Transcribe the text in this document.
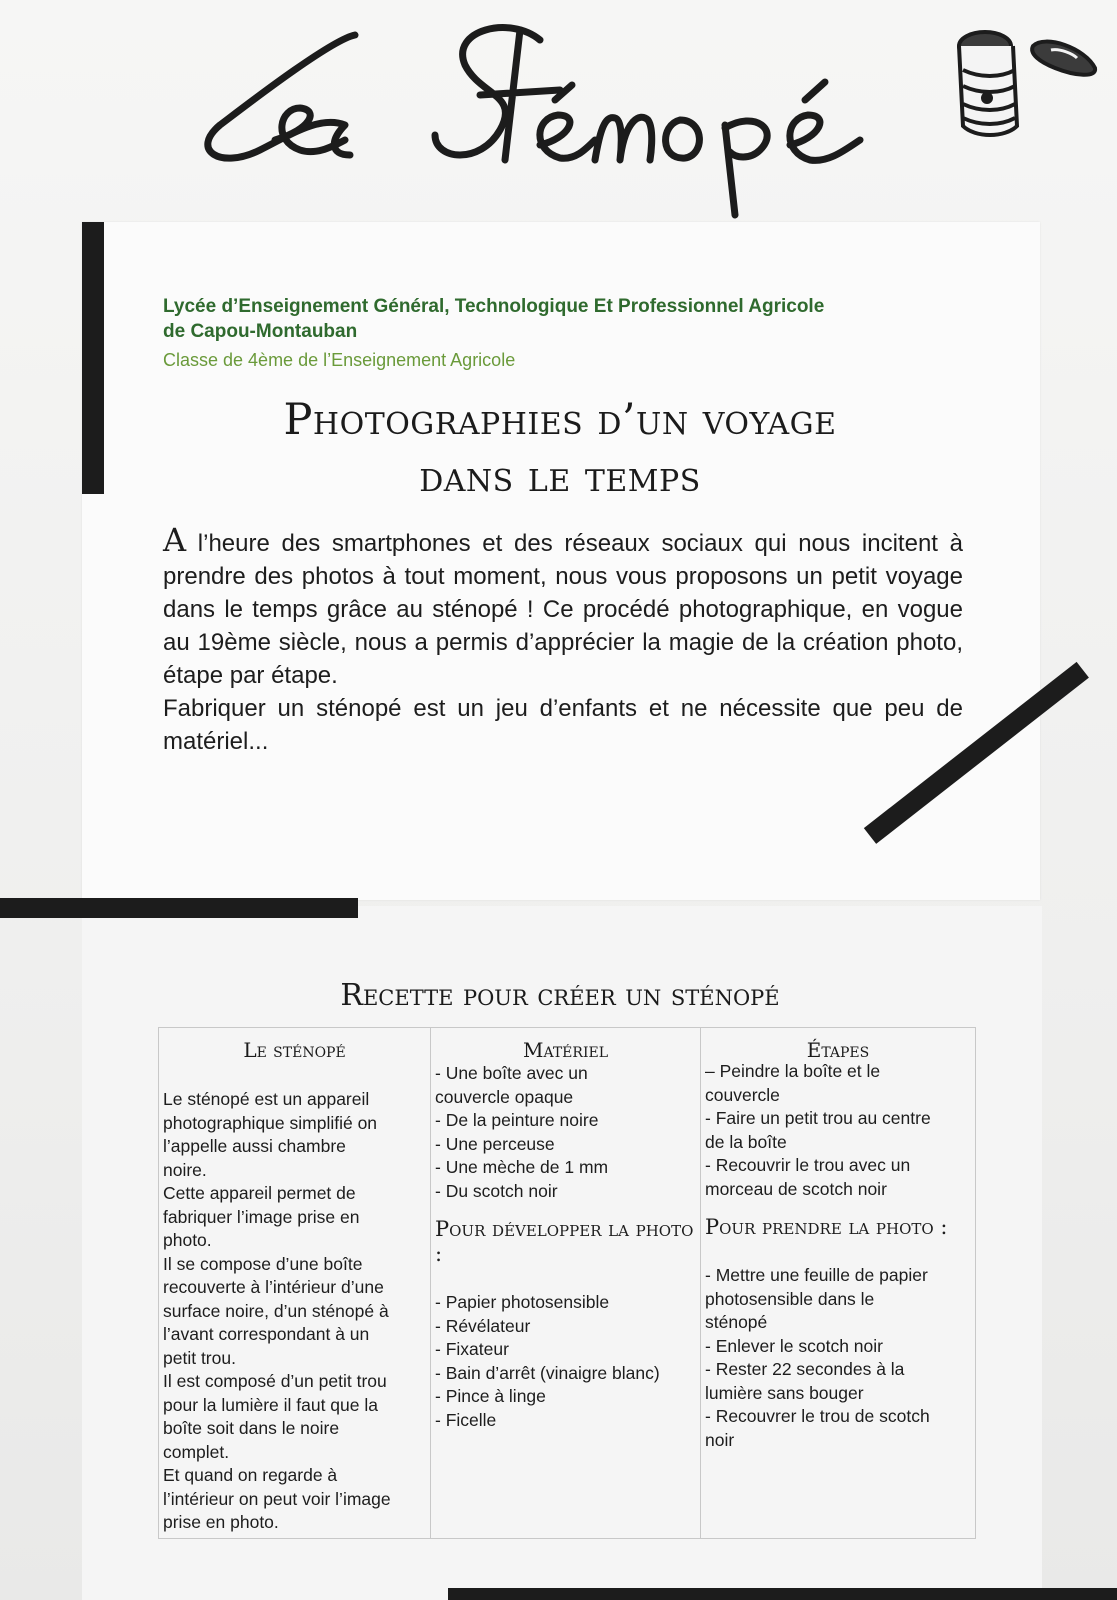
Lycée d’Enseignement Général, Technologique Et Professionnel Agricole
de Capou-Montauban
Classe de 4ème de l’Enseignement Agricole
Photographies d’un voyage
dans le temps

A l’heure des smartphones et des réseaux sociaux qui nous incitent à prendre des photos à tout moment, nous vous proposons un petit voyage dans le temps grâce au sténopé ! Ce procédé photographique, en vogue au 19ème siècle, nous a permis d’apprécier la magie de la création photo, étape par étape.

Fabriquer un sténopé est un jeu d’enfants et ne nécessite que peu de matériel...

Recette pour créer un sténopé
Le sténopé
Le sténopé est un appareil
photographique simplifié on
l’appelle aussi chambre
noire.
Cette appareil permet de
fabriquer l’image prise en
photo.
Il se compose d’une boîte
recouverte à l’intérieur d’une
surface noire, d’un sténopé à
l’avant correspondant à un
petit trou.
Il est composé d’un petit trou
pour la lumière il faut que la
boîte soit dans le noire
complet.
Et quand on regarde à
l’intérieur on peut voir l’image
prise en photo.
Matériel
- Une boîte avec un
couvercle opaque
- De la peinture noire
- Une perceuse
- Une mèche de 1 mm
- Du scotch noir
Pour développer la photo :
- Papier photosensible
- Révélateur
- Fixateur
- Bain d’arrêt (vinaigre blanc)
- Pince à linge
- Ficelle
Étapes
– Peindre la boîte et le
couvercle
- Faire un petit trou au centre
de la boîte
- Recouvrir le trou avec un
morceau de scotch noir
Pour prendre la photo :
- Mettre une feuille de papier
photosensible dans le
sténopé
- Enlever le scotch noir
- Rester 22 secondes à la
lumière sans bouger
- Recouvrer le trou de scotch
noir
